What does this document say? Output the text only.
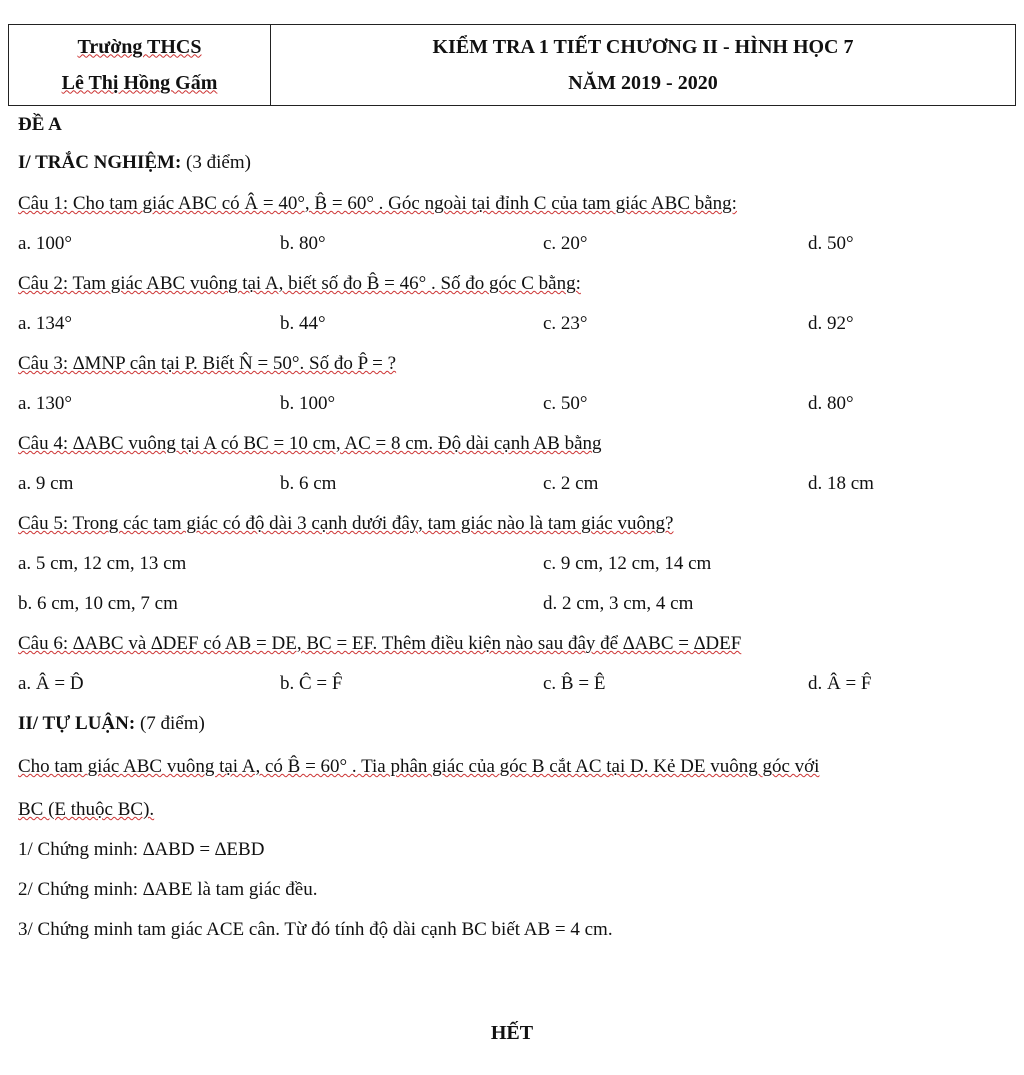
Trường THCS
Lê Thị Hồng Gấm
KIỂM TRA 1 TIẾT CHƯƠNG II - HÌNH HỌC 7
NĂM 2019 - 2020
ĐỀ A
I/ TRẮC NGHIỆM: (3 điểm)
Câu 1: Cho tam giác ABC có Â = 40°, B̂ = 60° . Góc ngoài tại đỉnh C của tam giác ABC bằng:
a. 100°	b. 80°	c. 20°	d. 50°
Câu 2: Tam giác ABC vuông tại A, biết số đo B̂ = 46° . Số đo góc C bằng:
a. 134°	b. 44°	c. 23°	d. 92°
Câu 3: ∆MNP cân tại P. Biết N̂ = 50°. Số đo P̂ = ?
a. 130°	b. 100°	c. 50°	d. 80°
Câu 4: ∆ABC vuông tại A có BC = 10 cm, AC = 8 cm. Độ dài cạnh AB bằng
a. 9 cm	b. 6 cm	c. 2 cm	d. 18 cm
Câu 5: Trong các tam giác có độ dài 3 cạnh dưới đây, tam giác nào là tam giác vuông?
a. 5 cm, 12 cm, 13 cm	c. 9 cm, 12 cm, 14 cm
b. 6 cm, 10 cm, 7 cm	d. 2 cm, 3 cm, 4 cm
Câu 6: ∆ABC và ∆DEF có AB = DE, BC = EF. Thêm điều kiện nào sau đây để ∆ABC = ∆DEF
a. Â = D̂	b. Ĉ = F̂	c. B̂ = Ê	d. Â = F̂
II/ TỰ LUẬN: (7 điểm)
Cho tam giác ABC vuông tại A, có B̂ = 60° . Tia phân giác của góc B cắt AC tại D. Kẻ DE vuông góc với
BC (E thuộc BC).
1/ Chứng minh: ∆ABD = ∆EBD
2/ Chứng minh: ∆ABE là tam giác đều.
3/ Chứng minh tam giác ACE cân. Từ đó tính độ dài cạnh BC biết AB = 4 cm.
HẾT
